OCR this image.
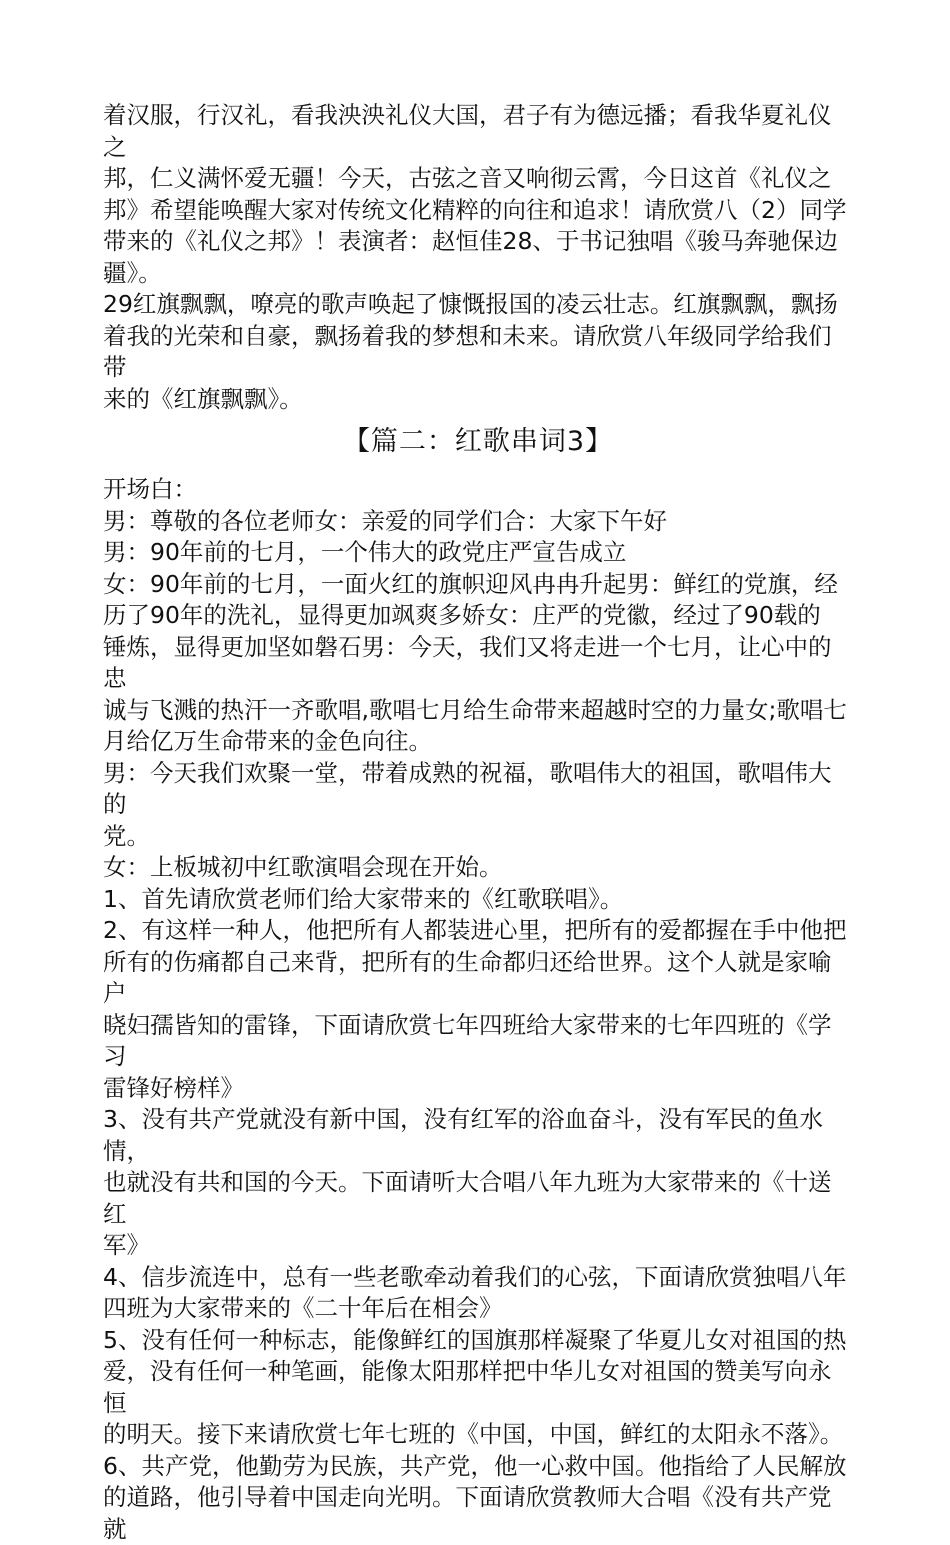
着汉服，行汉礼，看我泱泱礼仪大国，君子有为德远播；看我华夏礼仪之
邦，仁义满怀爱无疆！今天，古弦之音又响彻云霄，今日这首《礼仪之
邦》希望能唤醒大家对传统文化精粹的向往和追求！请欣赏八（2）同学
带来的《礼仪之邦》！表演者：赵恒佳28、于书记独唱《骏马奔驰保边
疆》。

29红旗飘飘，嘹亮的歌声唤起了慷慨报国的凌云壮志。红旗飘飘，飘扬
着我的光荣和自豪，飘扬着我的梦想和未来。请欣赏八年级同学给我们带
来的《红旗飘飘》。

【篇二：红歌串词3】

开场白：

男：尊敬的各位老师女：亲爱的同学们合：大家下午好

男：90年前的七月，一个伟大的政党庄严宣告成立

女：90年前的七月，一面火红的旗帜迎风冉冉升起男：鲜红的党旗，经
历了90年的洗礼，显得更加飒爽多娇女：庄严的党徽，经过了90载的
锤炼，显得更加坚如磐石男：今天，我们又将走进一个七月，让心中的忠
诚与飞溅的热汗一齐歌唱,歌唱七月给生命带来超越时空的力量女;歌唱七
月给亿万生命带来的金色向往。

男：今天我们欢聚一堂，带着成熟的祝福，歌唱伟大的祖国，歌唱伟大的
党。

女：上板城初中红歌演唱会现在开始。

1、首先请欣赏老师们给大家带来的《红歌联唱》。

2、有这样一种人，他把所有人都装进心里，把所有的爱都握在手中他把
所有的伤痛都自己来背，把所有的生命都归还给世界。这个人就是家喻户
晓妇孺皆知的雷锋，下面请欣赏七年四班给大家带来的七年四班的《学习
雷锋好榜样》

3、没有共产党就没有新中国，没有红军的浴血奋斗，没有军民的鱼水情，
也就没有共和国的今天。下面请听大合唱八年九班为大家带来的《十送红
军》

4、信步流连中，总有一些老歌牵动着我们的心弦，下面请欣赏独唱八年
四班为大家带来的《二十年后在相会》

5、没有任何一种标志，能像鲜红的国旗那样凝聚了华夏儿女对祖国的热
爱，没有任何一种笔画，能像太阳那样把中华儿女对祖国的赞美写向永恒
的明天。接下来请欣赏七年七班的《中国，中国，鲜红的太阳永不落》。

6、共产党，他勤劳为民族，共产党，他一心救中国。他指给了人民解放
的道路，他引导着中国走向光明。下面请欣赏教师大合唱《没有共产党就
